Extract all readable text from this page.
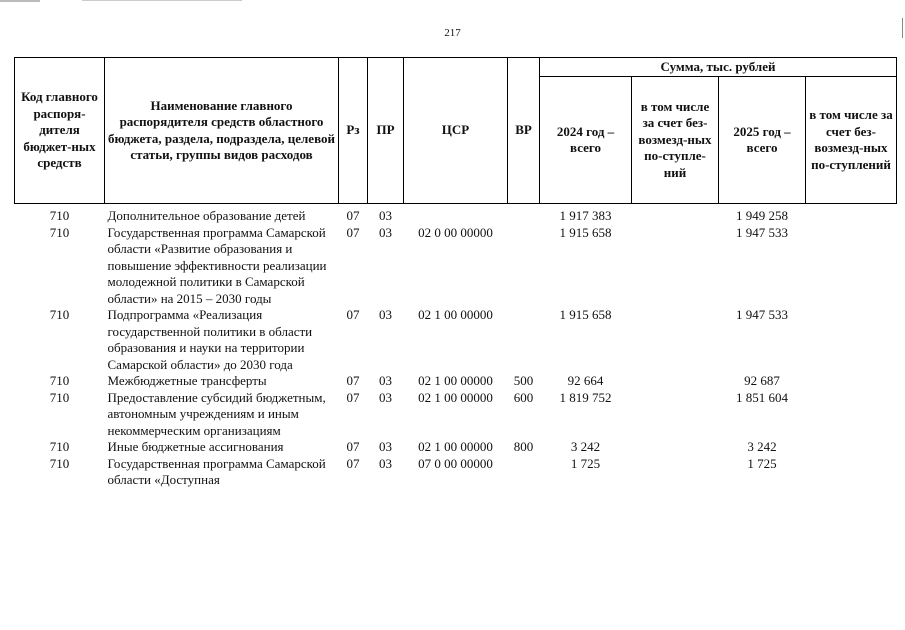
217
Код главного распоря-дителя бюджет-ных средств	Наименование главного распорядителя средств областного бюджета, раздела, подраздела, целевой статьи, группы видов расходов	Рз	ПР	ЦСР	ВР	Сумма, тыс. рублей			
						2024 год – всего	в том числе за счет без-возмезд-ных по-ступле-ний	2025 год – всего	в том числе за счет без-возмезд-ных по-ступлений
710	Дополнительное образование детей	07	03			1 917 383		1 949 258	
710	Государственная программа Самарской области «Развитие образования и повышение эффективности реализации молодежной политики в Самарской области» на 2015 – 2030 годы	07	03	02 0 00 00000		1 915 658		1 947 533	
710	Подпрограмма «Реализация государственной политики в области образования и науки на территории Самарской области» до 2030 года	07	03	02 1 00 00000		1 915 658		1 947 533	
710	Межбюджетные трансферты	07	03	02 1 00 00000	500	92 664		92 687	
710	Предоставление субсидий бюджетным, автономным учреждениям и иным некоммерческим организациям	07	03	02 1 00 00000	600	1 819 752		1 851 604	
710	Иные бюджетные ассигнования	07	03	02 1 00 00000	800	3 242		3 242	
710	Государственная программа Самарской области «Доступная	07	03	07 0 00 00000		1 725		1 725	
